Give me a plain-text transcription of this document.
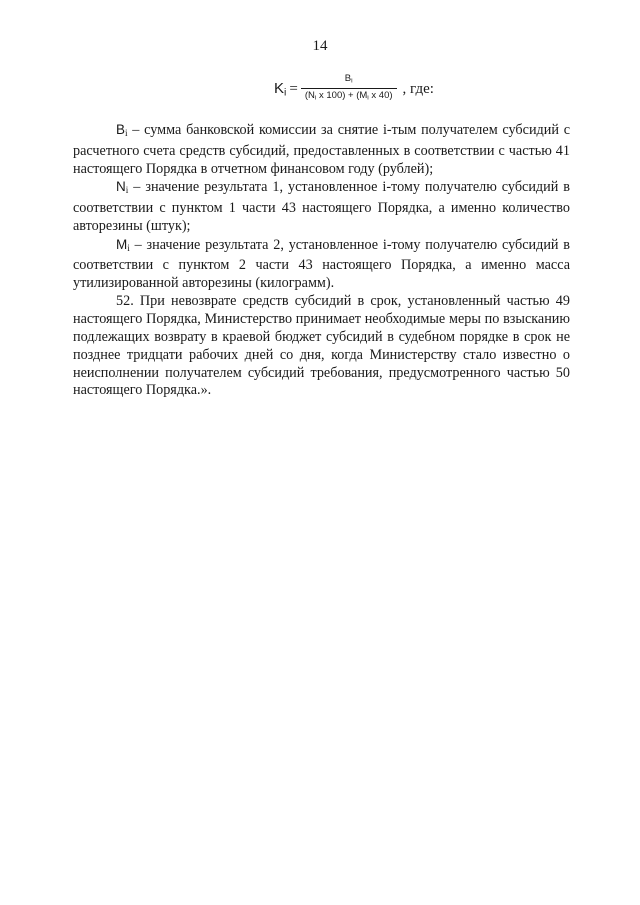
14
$K_i = \frac{B_i}{(N_i x 100) + (M_i x 40)}$ , где:

$B_i$ – сумма банковской комиссии за снятие i-тым получателем субсидий с расчетного счета средств субсидий, предоставленных в соответствии с частью 41 настоящего Порядка в отчетном финансовом году (рублей);

$N_i$ – значение результата 1, установленное i-тому получателю субсидий в соответствии с пунктом 1 части 43 настоящего Порядка, а именно количество авторезины (штук);

$M_i$ – значение результата 2, установленное i-тому получателю субсидий в соответствии с пунктом 2 части 43 настоящего Порядка, а именно масса утилизированной авторезины (килограмм).

52. При невозврате средств субсидий в срок, установленный частью 49 настоящего Порядка, Министерство принимает необходимые меры по взысканию подлежащих возврату в краевой бюджет субсидий в судебном порядке в срок не позднее тридцати рабочих дней со дня, когда Министерству стало известно о неисполнении получателем субсидий требования, предусмотренного частью 50 настоящего Порядка.».
